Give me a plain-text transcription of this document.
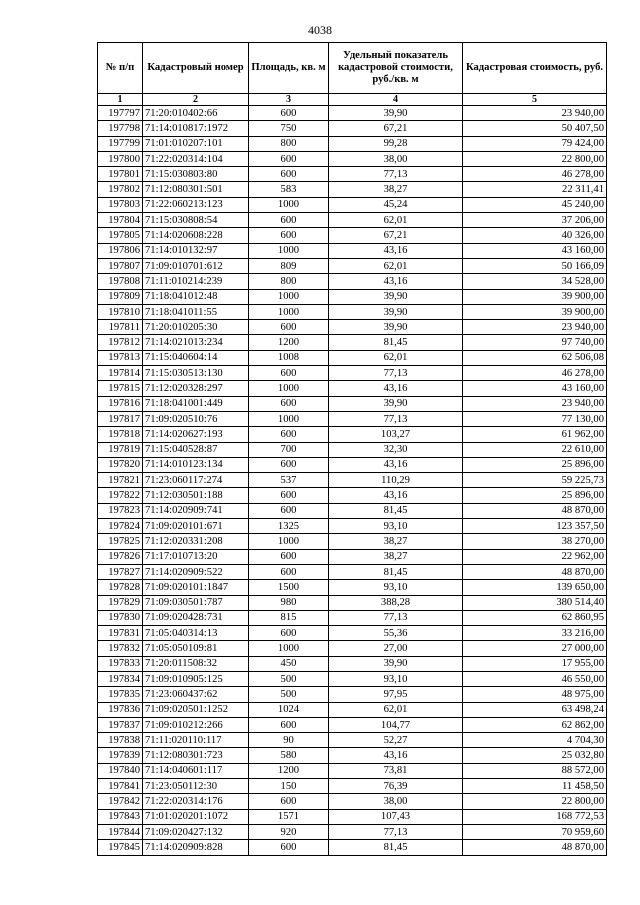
4038
№ п/п	Кадастровый номер	Площадь, кв. м	Удельный показатель кадастровой стоимости, руб./кв. м	Кадастровая стоимость, руб.
1	2	3	4	5
197797	71:20:010402:66	600	39,90	23 940,00
197798	71:14:010817:1972	750	67,21	50 407,50
197799	71:01:010207:101	800	99,28	79 424,00
197800	71:22:020314:104	600	38,00	22 800,00
197801	71:15:030803:80	600	77,13	46 278,00
197802	71:12:080301:501	583	38,27	22 311,41
197803	71:22:060213:123	1000	45,24	45 240,00
197804	71:15:030808:54	600	62,01	37 206,00
197805	71:14:020608:228	600	67,21	40 326,00
197806	71:14:010132:97	1000	43,16	43 160,00
197807	71:09:010701:612	809	62,01	50 166,09
197808	71:11:010214:239	800	43,16	34 528,00
197809	71:18:041012:48	1000	39,90	39 900,00
197810	71:18:041011:55	1000	39,90	39 900,00
197811	71:20:010205:30	600	39,90	23 940,00
197812	71:14:021013:234	1200	81,45	97 740,00
197813	71:15:040604:14	1008	62,01	62 506,08
197814	71:15:030513:130	600	77,13	46 278,00
197815	71:12:020328:297	1000	43,16	43 160,00
197816	71:18:041001:449	600	39,90	23 940,00
197817	71:09:020510:76	1000	77,13	77 130,00
197818	71:14:020627:193	600	103,27	61 962,00
197819	71:15:040528:87	700	32,30	22 610,00
197820	71:14:010123:134	600	43,16	25 896,00
197821	71:23:060117:274	537	110,29	59 225,73
197822	71:12:030501:188	600	43,16	25 896,00
197823	71:14:020909:741	600	81,45	48 870,00
197824	71:09:020101:671	1325	93,10	123 357,50
197825	71:12:020331:208	1000	38,27	38 270,00
197826	71:17:010713:20	600	38,27	22 962,00
197827	71:14:020909:522	600	81,45	48 870,00
197828	71:09:020101:1847	1500	93,10	139 650,00
197829	71:09:030501:787	980	388,28	380 514,40
197830	71:09:020428:731	815	77,13	62 860,95
197831	71:05:040314:13	600	55,36	33 216,00
197832	71:05:050109:81	1000	27,00	27 000,00
197833	71:20:011508:32	450	39,90	17 955,00
197834	71:09:010905:125	500	93,10	46 550,00
197835	71:23:060437:62	500	97,95	48 975,00
197836	71:09:020501:1252	1024	62,01	63 498,24
197837	71:09:010212:266	600	104,77	62 862,00
197838	71:11:020110:117	90	52,27	4 704,30
197839	71:12:080301:723	580	43,16	25 032,80
197840	71:14:040601:117	1200	73,81	88 572,00
197841	71:23:050112:30	150	76,39	11 458,50
197842	71:22:020314:176	600	38,00	22 800,00
197843	71:01:020201:1072	1571	107,43	168 772,53
197844	71:09:020427:132	920	77,13	70 959,60
197845	71:14:020909:828	600	81,45	48 870,00
